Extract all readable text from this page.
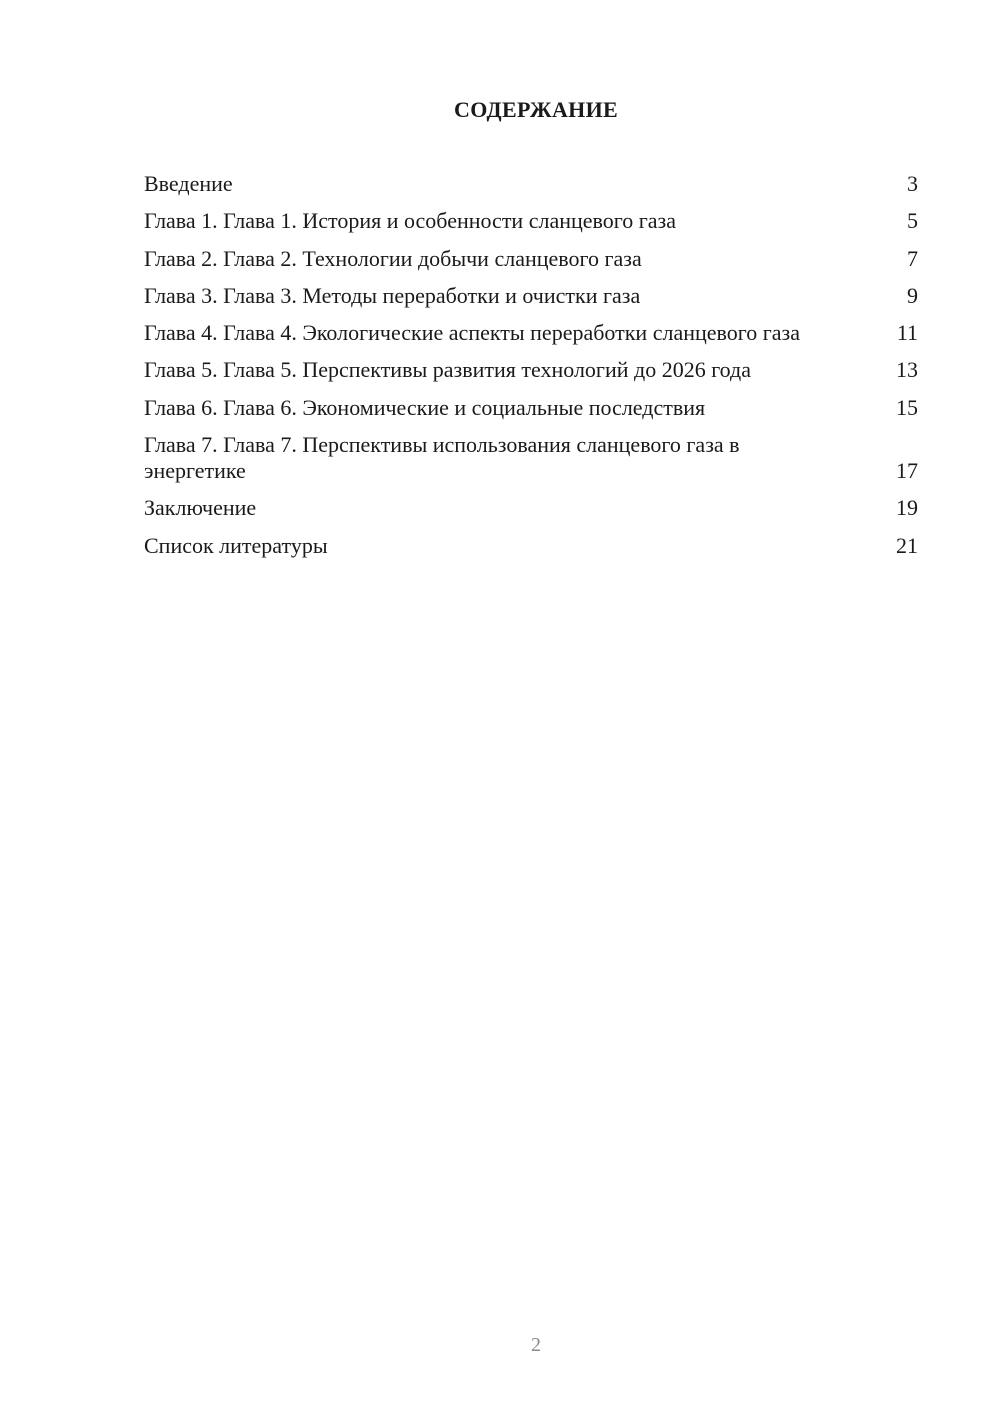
СОДЕРЖАНИЕ
Введение	3
Глава 1. Глава 1. История и особенности сланцевого газа	5
Глава 2. Глава 2. Технологии добычи сланцевого газа	7
Глава 3. Глава 3. Методы переработки и очистки газа	9
Глава 4. Глава 4. Экологические аспекты переработки сланцевого газа	11
Глава 5. Глава 5. Перспективы развития технологий до 2026 года	13
Глава 6. Глава 6. Экономические и социальные последствия	15
Глава 7. Глава 7. Перспективы использования сланцевого газа в энергетике	17
Заключение	19
Список литературы	21
2
